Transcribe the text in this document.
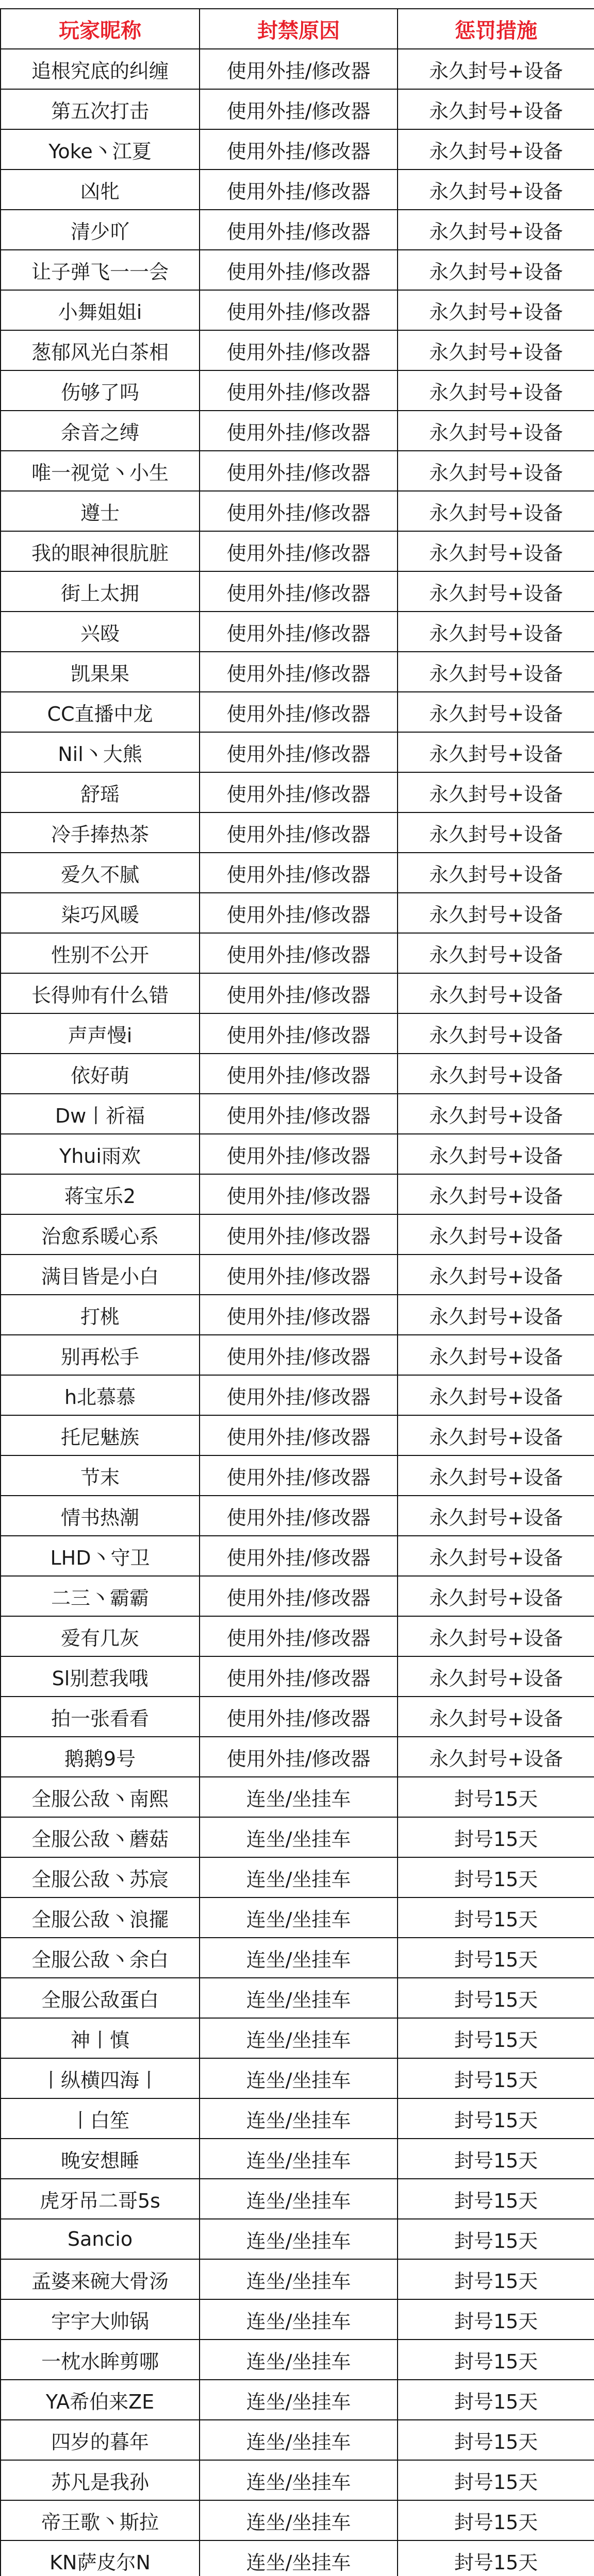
玩家昵称	封禁原因	惩罚措施
追根究底的纠缠	使用外挂/修改器	永久封号+设备
第五次打击	使用外挂/修改器	永久封号+设备
Yoke丶江夏	使用外挂/修改器	永久封号+设备
凶牝	使用外挂/修改器	永久封号+设备
清少吖	使用外挂/修改器	永久封号+设备
让子弹飞一一会	使用外挂/修改器	永久封号+设备
小舞姐姐i	使用外挂/修改器	永久封号+设备
葱郁风光白茶相	使用外挂/修改器	永久封号+设备
伤够了吗	使用外挂/修改器	永久封号+设备
余音之缚	使用外挂/修改器	永久封号+设备
唯一视觉丶小生	使用外挂/修改器	永久封号+设备
遵士	使用外挂/修改器	永久封号+设备
我的眼神很肮脏	使用外挂/修改器	永久封号+设备
街上太拥	使用外挂/修改器	永久封号+设备
兴殴	使用外挂/修改器	永久封号+设备
凯果果	使用外挂/修改器	永久封号+设备
CC直播中龙	使用外挂/修改器	永久封号+设备
Nil丶大熊	使用外挂/修改器	永久封号+设备
舒瑶	使用外挂/修改器	永久封号+设备
冷手捧热茶	使用外挂/修改器	永久封号+设备
爱久不腻	使用外挂/修改器	永久封号+设备
柒巧风暖	使用外挂/修改器	永久封号+设备
性别不公开	使用外挂/修改器	永久封号+设备
长得帅有什么错	使用外挂/修改器	永久封号+设备
声声慢i	使用外挂/修改器	永久封号+设备
依好萌	使用外挂/修改器	永久封号+设备
Dw丨祈福	使用外挂/修改器	永久封号+设备
Yhui雨欢	使用外挂/修改器	永久封号+设备
蒋宝乐2	使用外挂/修改器	永久封号+设备
治愈系暖心系	使用外挂/修改器	永久封号+设备
满目皆是小白	使用外挂/修改器	永久封号+设备
打桃	使用外挂/修改器	永久封号+设备
别再松手	使用外挂/修改器	永久封号+设备
h北慕慕	使用外挂/修改器	永久封号+设备
托尼魅族	使用外挂/修改器	永久封号+设备
节末	使用外挂/修改器	永久封号+设备
情书热潮	使用外挂/修改器	永久封号+设备
LHD丶守卫	使用外挂/修改器	永久封号+设备
二三丶霸霸	使用外挂/修改器	永久封号+设备
爱有几灰	使用外挂/修改器	永久封号+设备
Sl别惹我哦	使用外挂/修改器	永久封号+设备
拍一张看看	使用外挂/修改器	永久封号+设备
鹅鹅9号	使用外挂/修改器	永久封号+设备
全服公敌丶南熙	连坐/坐挂车	封号15天
全服公敌丶蘑菇	连坐/坐挂车	封号15天
全服公敌丶苏宸	连坐/坐挂车	封号15天
全服公敌丶浪擺	连坐/坐挂车	封号15天
全服公敌丶余白	连坐/坐挂车	封号15天
全服公敌蛋白	连坐/坐挂车	封号15天
神丨慎	连坐/坐挂车	封号15天
丨纵横四海丨	连坐/坐挂车	封号15天
丨白笙	连坐/坐挂车	封号15天
晚安想睡	连坐/坐挂车	封号15天
虎牙吊二哥5s	连坐/坐挂车	封号15天
Sancio	连坐/坐挂车	封号15天
孟婆来碗大骨汤	连坐/坐挂车	封号15天
宇宇大帅锅	连坐/坐挂车	封号15天
一枕水眸剪哪	连坐/坐挂车	封号15天
YA希伯来ZE	连坐/坐挂车	封号15天
四岁的暮年	连坐/坐挂车	封号15天
苏凡是我孙	连坐/坐挂车	封号15天
帝王歌丶斯拉	连坐/坐挂车	封号15天
KN萨皮尔N	连坐/坐挂车	封号15天
